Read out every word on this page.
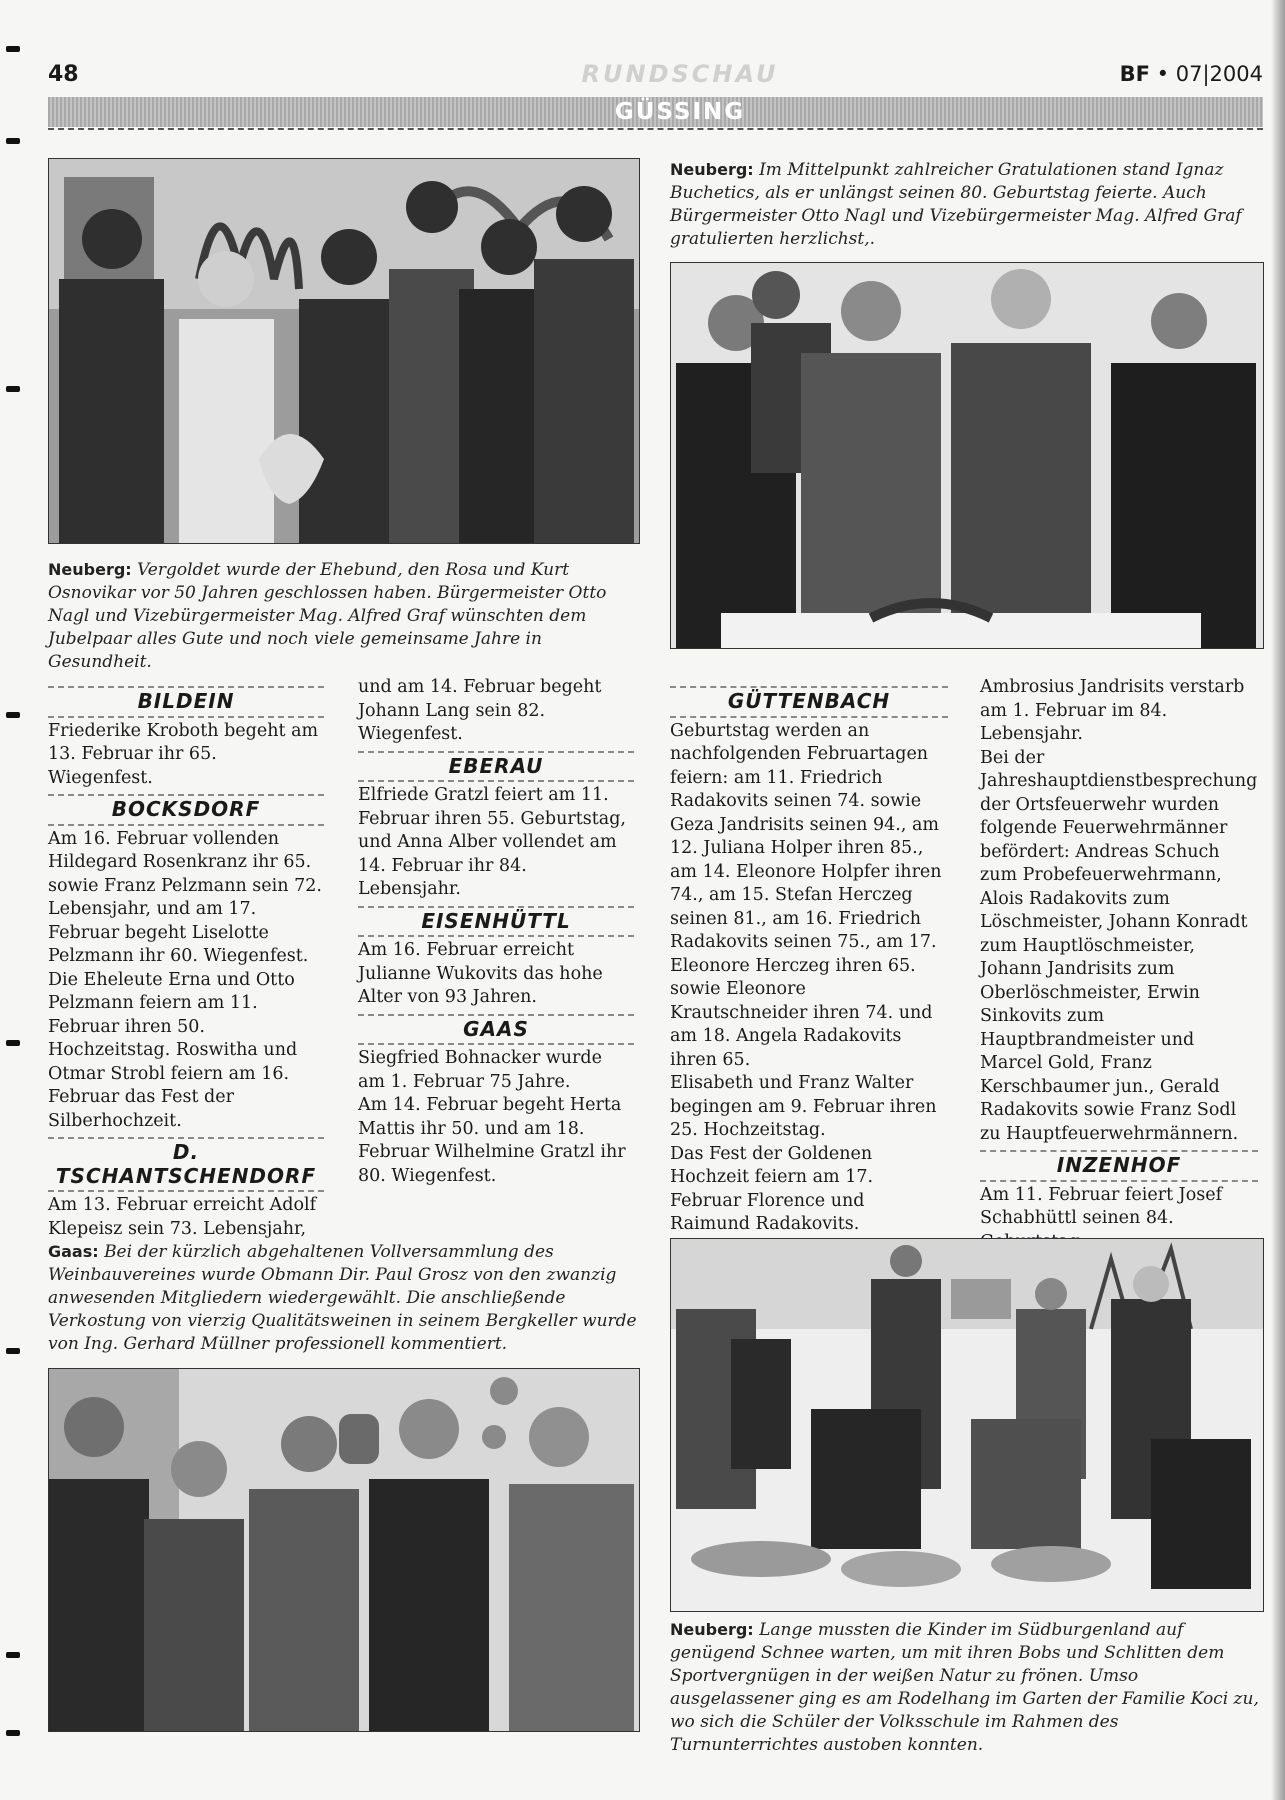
48	RUNDSCHAU	BF • 07|2004
GÜSSING
Neuberg: Vergoldet wurde der Ehebund, den Rosa und Kurt Osnovikar vor 50 Jahren geschlossen haben. Bürgermeister Otto Nagl und Vizebürgermeister Mag. Alfred Graf wünschten dem Jubelpaar alles Gute und noch viele gemeinsame Jahre in Gesundheit.
Neuberg: Im Mittelpunkt zahlreicher Gratulationen stand Ignaz Buchetics, als er unlängst seinen 80. Geburtstag feierte. Auch Bürgermeister Otto Nagl und Vizebürgermeister Mag. Alfred Graf gratulierten herzlichst,.
BILDEIN

Friederike Kroboth begeht am 13. Februar ihr 65. Wiegenfest.

BOCKSDORF

Am 16. Februar vollenden Hildegard Rosenkranz ihr 65. sowie Franz Pelzmann sein 72. Lebensjahr, und am 17. Februar begeht Liselotte Pelzmann ihr 60. Wiegenfest.

Die Eheleute Erna und Otto Pelzmann feiern am 11. Februar ihren 50. Hochzeitstag. Roswitha und Otmar Strobl feiern am 16. Februar das Fest der Silberhochzeit.

D. TSCHANTSCHENDORF

Am 13. Februar erreicht Adolf Klepeisz sein 73. Lebensjahr,

und am 14. Februar begeht Johann Lang sein 82. Wiegenfest.

EBERAU

Elfriede Gratzl feiert am 11. Februar ihren 55. Geburtstag, und Anna Alber vollendet am 14. Februar ihr 84. Lebensjahr.

EISENHÜTTL

Am 16. Februar erreicht Julianne Wukovits das hohe Alter von 93 Jahren.

GAAS

Siegfried Bohnacker wurde am 1. Februar 75 Jahre.

Am 14. Februar begeht Herta Mattis ihr 50. und am 18. Februar Wilhelmine Gratzl ihr 80. Wiegenfest.

GÜTTENBACH

Geburtstag werden an nachfolgenden Februartagen feiern: am 11. Friedrich Radakovits seinen 74. sowie Geza Jandrisits seinen 94., am 12. Juliana Holper ihren 85., am 14. Eleonore Holpfer ihren 74., am 15. Stefan Herczeg seinen 81., am 16. Friedrich Radakovits seinen 75., am 17. Eleonore Herczeg ihren 65. sowie Eleonore Krautschneider ihren 74. und am 18. Angela Radakovits ihren 65.

Elisabeth und Franz Walter begingen am 9. Februar ihren 25. Hochzeitstag.

Das Fest der Goldenen Hochzeit feiern am 17. Februar Florence und Raimund Radakovits.

Ambrosius Jandrisits verstarb am 1. Februar im 84. Lebensjahr.

Bei der Jahreshauptdienstbesprechung der Ortsfeuerwehr wurden folgende Feuerwehrmänner befördert: Andreas Schuch zum Probefeuerwehrmann, Alois Radakovits zum Löschmeister, Johann Konradt zum Hauptlöschmeister, Johann Jandrisits zum Oberlöschmeister, Erwin Sinkovits zum Hauptbrandmeister und Marcel Gold, Franz Kerschbaumer jun., Gerald Radakovits sowie Franz Sodl zu Hauptfeuerwehrmännern.

INZENHOF

Am 11. Februar feiert Josef Schabhüttl seinen 84.

Gaas: Bei der kürzlich abgehaltenen Vollversammlung des Weinbauvereines wurde Obmann Dir. Paul Grosz von den zwanzig anwesenden Mitgliedern wiedergewählt. Die anschließende Verkostung von vierzig Qualitätsweinen in seinem Bergkeller wurde von Ing. Gerhard Müllner professionell kommentiert.
Neuberg: Lange mussten die Kinder im Südburgenland auf genügend Schnee warten, um mit ihren Bobs und Schlitten dem Sportvergnügen in der weißen Natur zu frönen. Umso ausgelassener ging es am Rodelhang im Garten der Familie Koci zu, wo sich die Schüler der Volksschule im Rahmen des Turnunterrichtes austoben konnten.
